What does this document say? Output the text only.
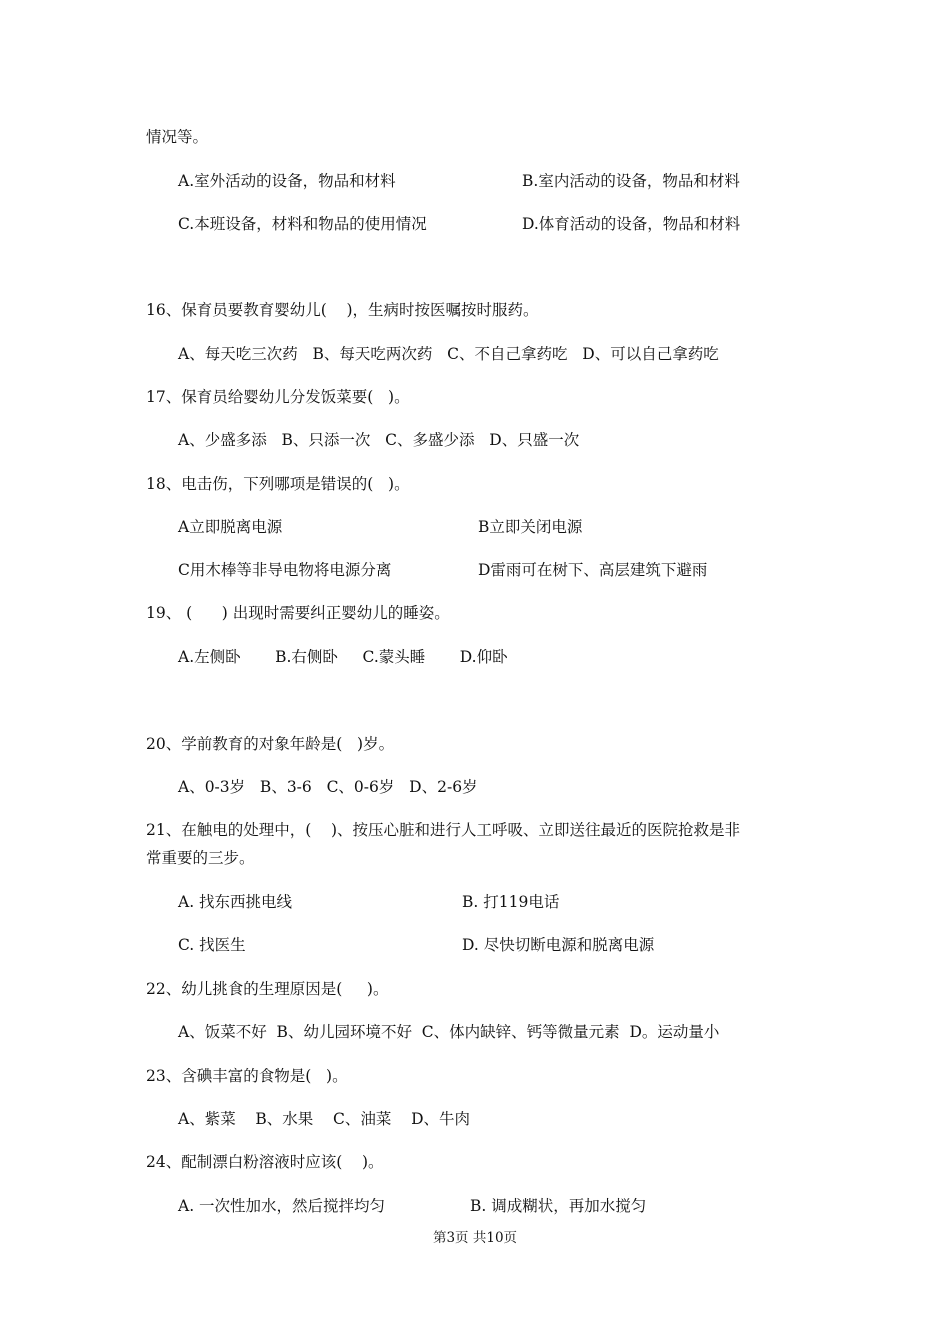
情况等。
A.室外活动的设备，物品和材料	B.室内活动的设备，物品和材料
C.本班设备，材料和物品的使用情况	D.体育活动的设备，物品和材料
16、保育员要教育婴幼儿(    )，生病时按医嘱按时服药。
A、每天吃三次药   B、每天吃两次药   C、不自己拿药吃   D、可以自己拿药吃
17、保育员给婴幼儿分发饭菜要(   )。
A、少盛多添   B、只添一次   C、多盛少添   D、只盛一次
18、电击伤，下列哪项是错误的(   )。
A立即脱离电源	B立即关闭电源
C用木棒等非导电物将电源分离	D雷雨可在树下、高层建筑下避雨
19、 (      ) 出现时需要纠正婴幼儿的睡姿。
A.左侧卧       B.右侧卧     C.蒙头睡       D.仰卧
20、学前教育的对象年龄是(   )岁。
A、0-3岁   B、3-6   C、0-6岁   D、2-6岁
21、在触电的处理中，(    )、按压心脏和进行人工呼吸、立即送往最近的医院抢救是非
常重要的三步。
A. 找东西挑电线	B. 打119电话
C. 找医生	D. 尽快切断电源和脱离电源
22、幼儿挑食的生理原因是(     )。
A、饭菜不好  B、幼儿园环境不好  C、体内缺锌、钙等微量元素  D。运动量小
23、含碘丰富的食物是(   )。
A、紫菜    B、水果    C、油菜    D、牛肉
24、配制漂白粉溶液时应该(    )。
A. 一次性加水，然后搅拌均匀	B. 调成糊状，再加水搅匀
第3页 共10页
